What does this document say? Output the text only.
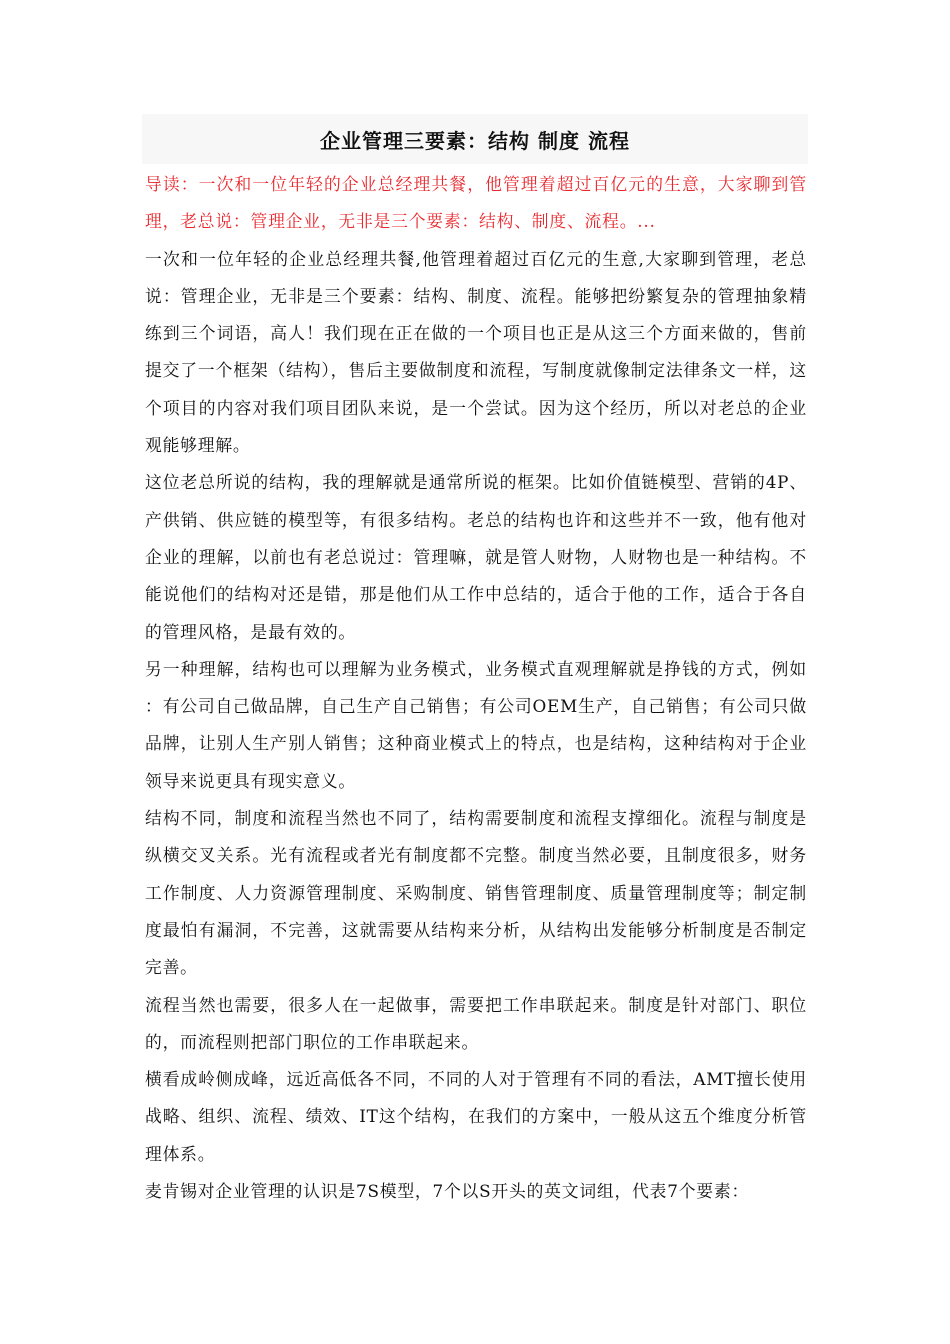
企业管理三要素：结构 制度 流程

导读：一次和一位年轻的企业总经理共餐，他管理着超过百亿元的生意，大家聊到管理，老总说：管理企业，无非是三个要素：结构、制度、流程。...

一次和一位年轻的企业总经理共餐,他管理着超过百亿元的生意,大家聊到管理，老总说：管理企业，无非是三个要素：结构、制度、流程。能够把纷繁复杂的管理抽象精练到三个词语，高人！我们现在正在做的一个项目也正是从这三个方面来做的，售前提交了一个框架（结构），售后主要做制度和流程，写制度就像制定法律条文一样，这个项目的内容对我们项目团队来说，是一个尝试。因为这个经历，所以对老总的企业观能够理解。

这位老总所说的结构，我的理解就是通常所说的框架。比如价值链模型、营销的4P、产供销、供应链的模型等，有很多结构。老总的结构也许和这些并不一致，他有他对企业的理解，以前也有老总说过：管理嘛，就是管人财物，人财物也是一种结构。不能说他们的结构对还是错，那是他们从工作中总结的，适合于他的工作，适合于各自的管理风格，是最有效的。

另一种理解，结构也可以理解为业务模式，业务模式直观理解就是挣钱的方式，例如：有公司自己做品牌，自己生产自己销售；有公司OEM生产，自己销售；有公司只做品牌，让别人生产别人销售；这种商业模式上的特点，也是结构，这种结构对于企业领导来说更具有现实意义。

结构不同，制度和流程当然也不同了，结构需要制度和流程支撑细化。流程与制度是纵横交叉关系。光有流程或者光有制度都不完整。制度当然必要，且制度很多，财务工作制度、人力资源管理制度、采购制度、销售管理制度、质量管理制度等；制定制度最怕有漏洞，不完善，这就需要从结构来分析，从结构出发能够分析制度是否制定完善。

流程当然也需要，很多人在一起做事，需要把工作串联起来。制度是针对部门、职位的，而流程则把部门职位的工作串联起来。

横看成岭侧成峰，远近高低各不同，不同的人对于管理有不同的看法，AMT擅长使用战略、组织、流程、绩效、IT这个结构，在我们的方案中，一般从这五个维度分析管理体系。

麦肯锡对企业管理的认识是7S模型，7个以S开头的英文词组，代表7个要素：
